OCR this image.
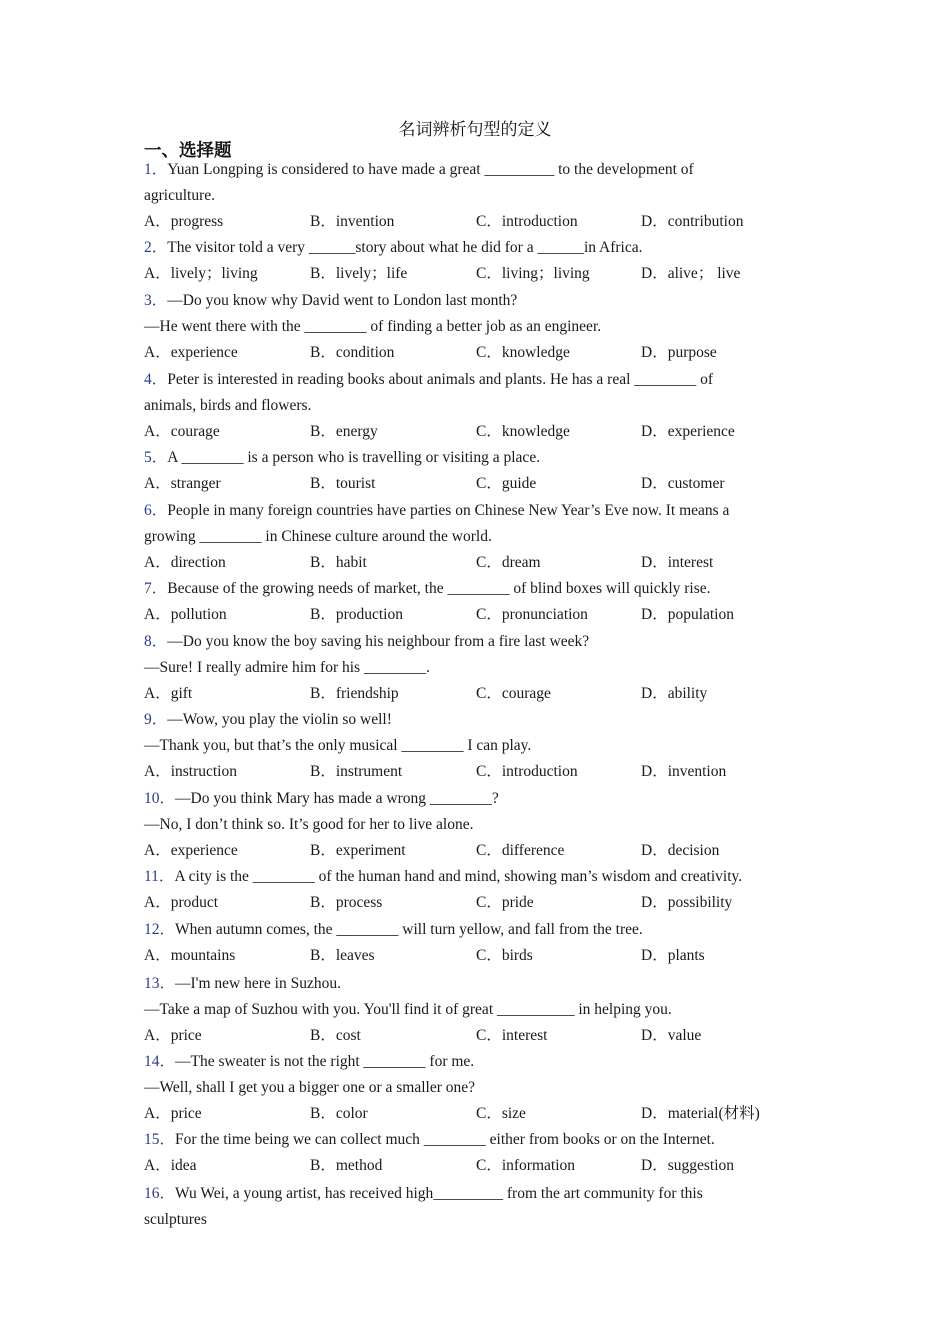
名词辨析句型的定义
一、选择题
1．Yuan Longping is considered to have made a great _________ to the development of
agriculture.
A．progress	B．invention	C．introduction	D．contribution
2．The visitor told a very ______story about what he did for a ______in Africa.
A．lively；living	B．lively；life	C．living；living	D．alive； live
3．—Do you know why David went to London last month?
—He went there with the ________ of finding a better job as an engineer.
A．experience	B．condition	C．knowledge	D．purpose
4．Peter is interested in reading books about animals and plants. He has a real ________ of
animals, birds and flowers.
A．courage	B．energy	C．knowledge	D．experience
5．A ________ is a person who is travelling or visiting a place.
A．stranger	B．tourist	C．guide	D．customer
6．People in many foreign countries have parties on Chinese New Year’s Eve now. It means a
growing ________ in Chinese culture around the world.
A．direction	B．habit	C．dream	D．interest
7．Because of the growing needs of market, the ________ of blind boxes will quickly rise.
A．pollution	B．production	C．pronunciation	D．population
8．—Do you know the boy saving his neighbour from a fire last week?
—Sure! I really admire him for his ________.
A．gift	B．friendship	C．courage	D．ability
9．—Wow, you play the violin so well!
—Thank you, but that’s the only musical ________ I can play.
A．instruction	B．instrument	C．introduction	D．invention
10．—Do you think Mary has made a wrong ________?
—No, I don’t think so. It’s good for her to live alone.
A．experience	B．experiment	C．difference	D．decision
11．A city is the ________ of the human hand and mind, showing man’s wisdom and creativity.
A．product	B．process	C．pride	D．possibility
12．When autumn comes, the ________ will turn yellow, and fall from the tree.
A．mountains	B．leaves	C．birds	D．plants
13．—I'm new here in Suzhou.
—Take a map of Suzhou with you. You'll find it of great __________ in helping you.
A．price	B．cost	C．interest	D．value
14．—The sweater is not the right ________ for me.
—Well, shall I get you a bigger one or a smaller one?
A．price	B．color	C．size	D．material(材料)
15．For the time being we can collect much ________ either from books or on the Internet.
A．idea	B．method	C．information	D．suggestion
16．Wu Wei, a young artist, has received high_________ from the art community for this
sculptures
